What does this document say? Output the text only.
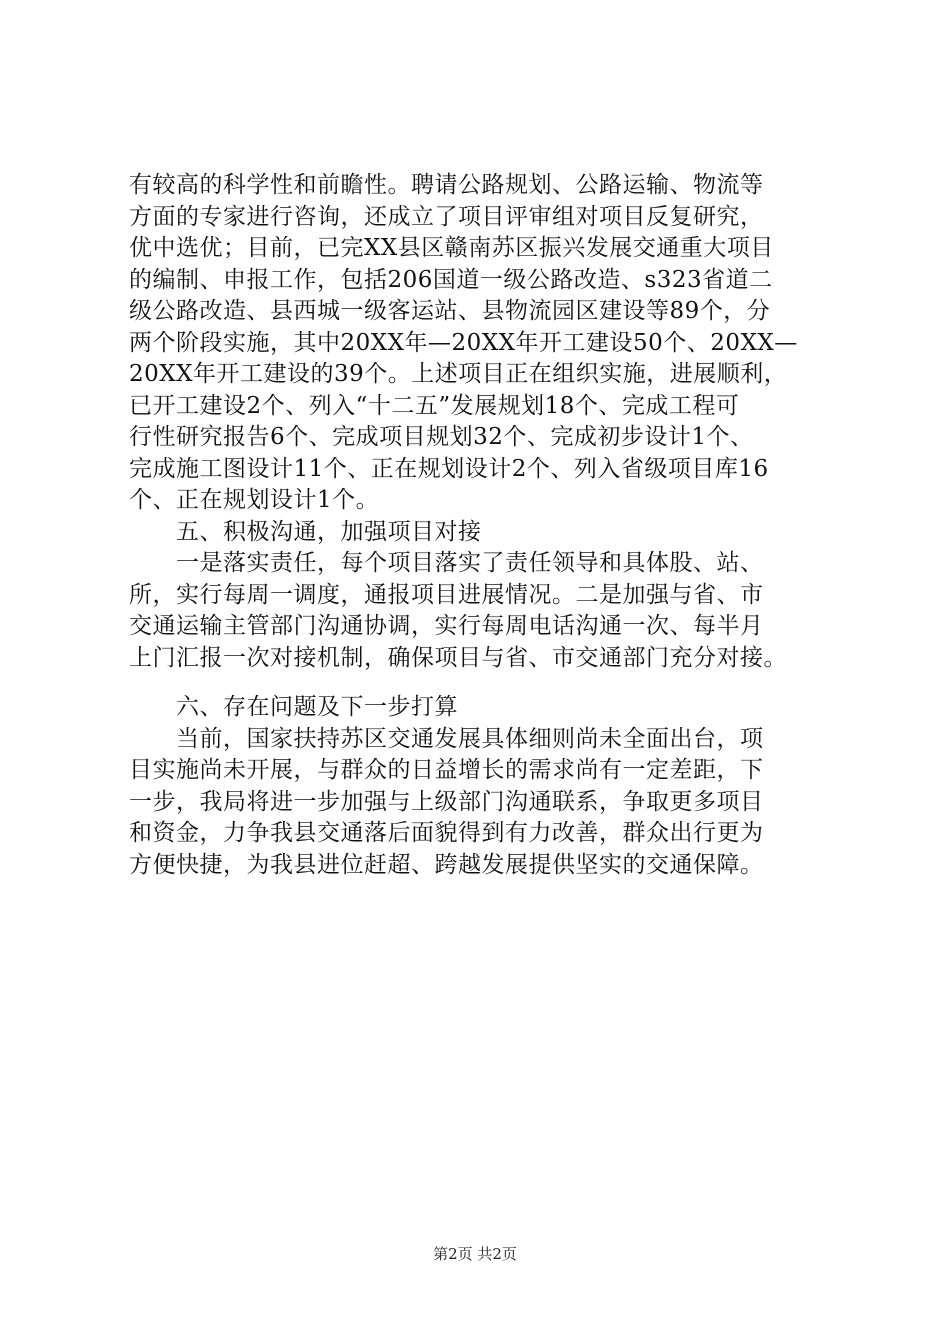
有较高的科学性和前瞻性。聘请公路规划、公路运输、物流等
方面的专家进行咨询，还成立了项目评审组对项目反复研究，
优中选优；目前，已完XX县区赣南苏区振兴发展交通重大项目
的编制、申报工作，包括206国道一级公路改造、s323省道二
级公路改造、县西城一级客运站、县物流园区建设等89个，分
两个阶段实施，其中20XX年—20XX年开工建设50个、20XX—
20XX年开工建设的39个。上述项目正在组织实施，进展顺利，
已开工建设2个、列入“十二五”发展规划18个、完成工程可
行性研究报告6个、完成项目规划32个、完成初步设计1个、
完成施工图设计11个、正在规划设计2个、列入省级项目库16
个、正在规划设计1个。
五、积极沟通，加强项目对接
一是落实责任，每个项目落实了责任领导和具体股、站、
所，实行每周一调度，通报项目进展情况。二是加强与省、市
交通运输主管部门沟通协调，实行每周电话沟通一次、每半月
上门汇报一次对接机制，确保项目与省、市交通部门充分对接。
六、存在问题及下一步打算
当前，国家扶持苏区交通发展具体细则尚未全面出台，项
目实施尚未开展，与群众的日益增长的需求尚有一定差距，下
一步，我局将进一步加强与上级部门沟通联系，争取更多项目
和资金，力争我县交通落后面貌得到有力改善，群众出行更为
方便快捷，为我县进位赶超、跨越发展提供坚实的交通保障。
第2页 共2页
